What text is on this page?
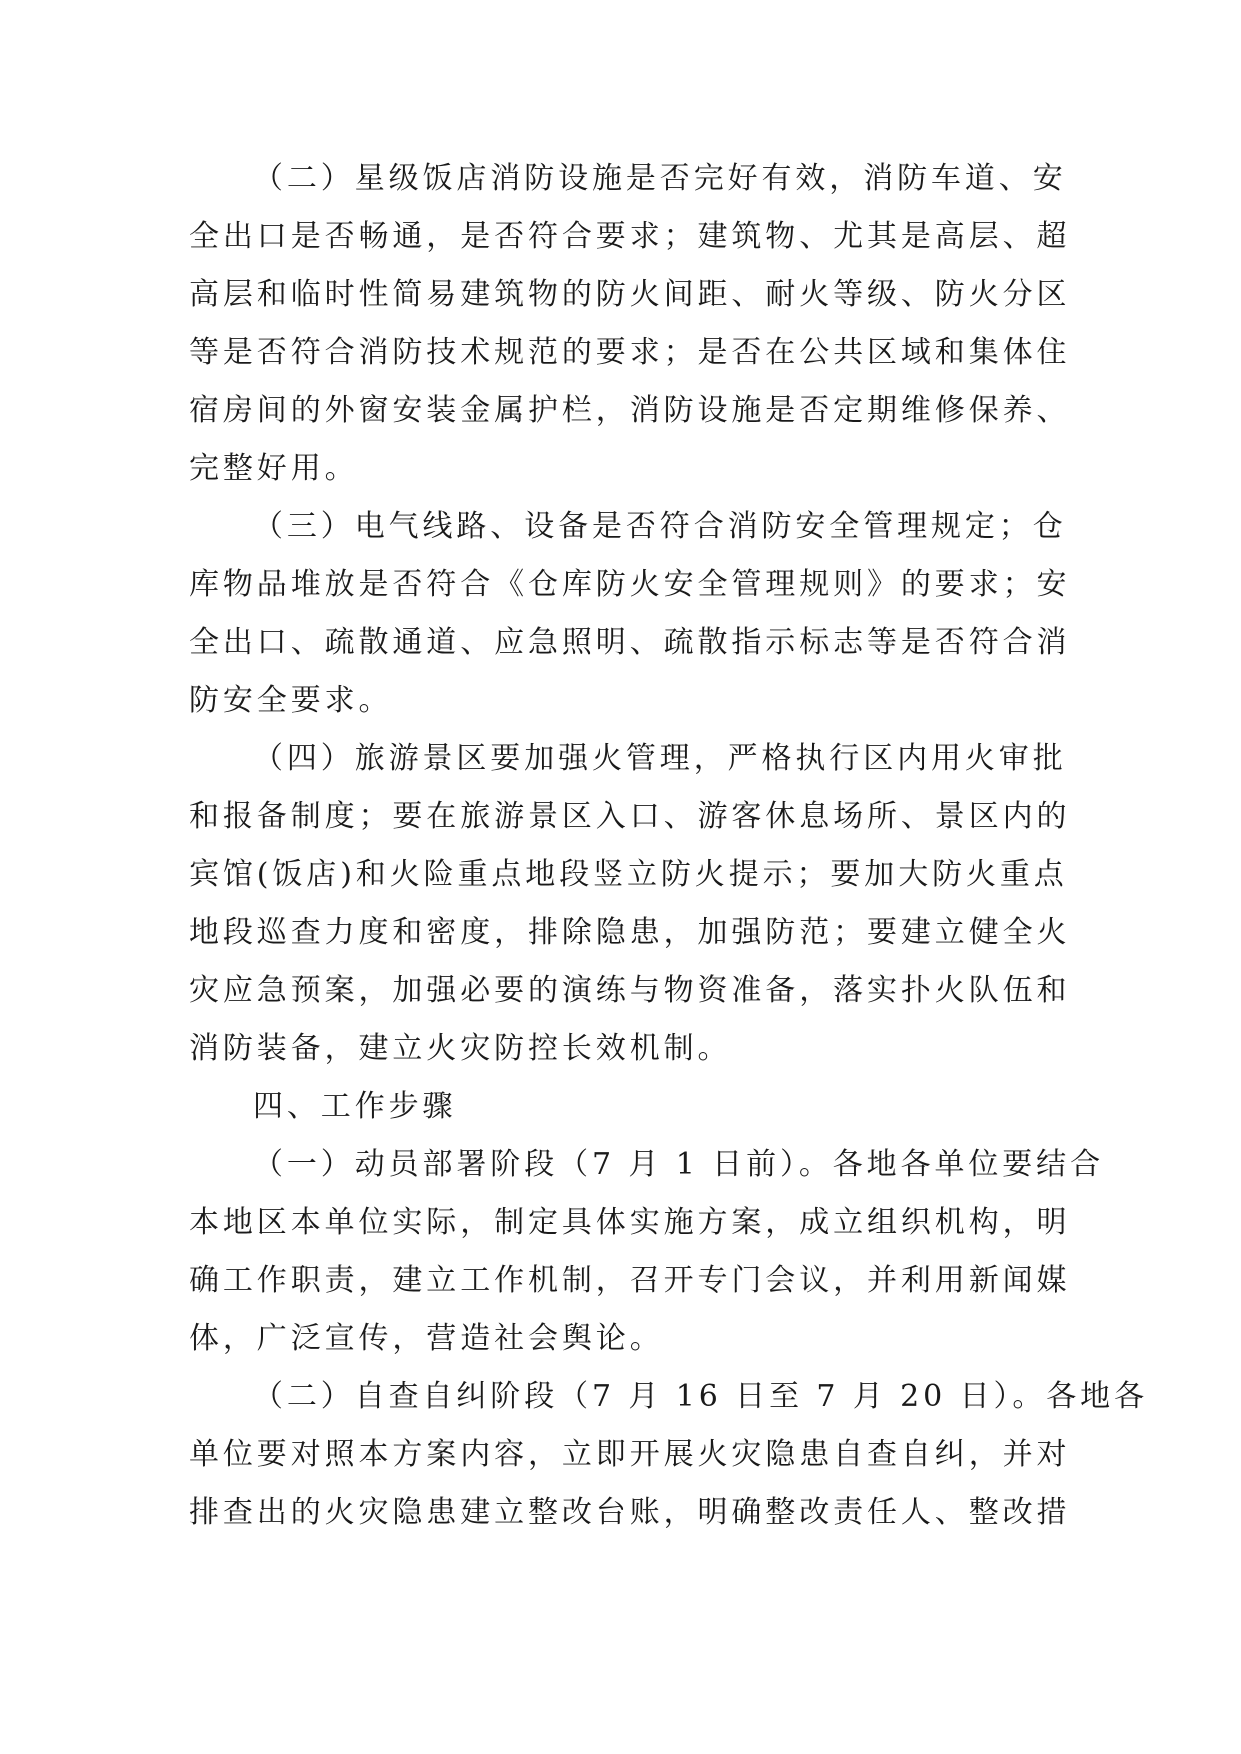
（二）星级饭店消防设施是否完好有效，消防车道、安
全出口是否畅通，是否符合要求；建筑物、尤其是高层、超
高层和临时性简易建筑物的防火间距、耐火等级、防火分区
等是否符合消防技术规范的要求；是否在公共区域和集体住
宿房间的外窗安装金属护栏，消防设施是否定期维修保养、
完整好用。
（三）电气线路、设备是否符合消防安全管理规定；仓
库物品堆放是否符合《仓库防火安全管理规则》的要求；安
全出口、疏散通道、应急照明、疏散指示标志等是否符合消
防安全要求。
（四）旅游景区要加强火管理，严格执行区内用火审批
和报备制度；要在旅游景区入口、游客休息场所、景区内的
宾馆(饭店)和火险重点地段竖立防火提示；要加大防火重点
地段巡查力度和密度，排除隐患，加强防范；要建立健全火
灾应急预案，加强必要的演练与物资准备，落实扑火队伍和
消防装备，建立火灾防控长效机制。
四、工作步骤
（一）动员部署阶段（7 月 1 日前）。各地各单位要结合
本地区本单位实际，制定具体实施方案，成立组织机构，明
确工作职责，建立工作机制，召开专门会议，并利用新闻媒
体，广泛宣传，营造社会舆论。
（二）自查自纠阶段（7 月 16 日至 7 月 20 日）。各地各
单位要对照本方案内容，立即开展火灾隐患自查自纠，并对
排查出的火灾隐患建立整改台账，明确整改责任人、整改措
